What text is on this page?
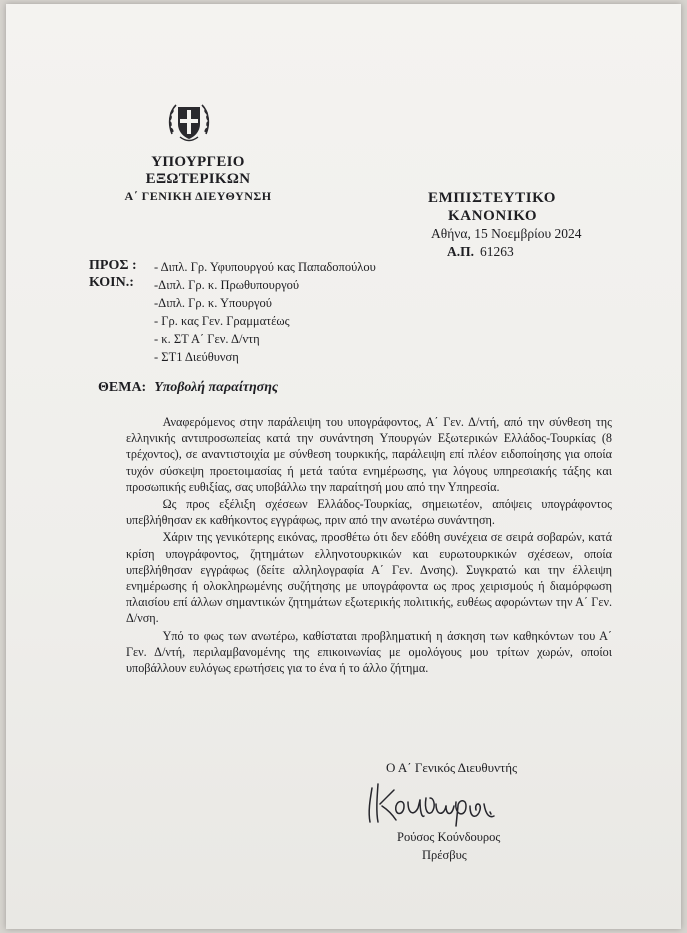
ΥΠΟΥΡΓΕΙΟ ΕΞΩΤΕΡΙΚΩΝ
Α΄ ΓΕΝΙΚΗ ΔΙΕΥΘΥΝΣΗ	ΕΜΠΙΣΤΕΥΤΙΚΟ
ΚΑΝΟΝΙΚΟ
Αθήνα, 15 Νοεμβρίου 2024
Α.Π. 61263
ΠΡΟΣ : - Διπλ. Γρ. Υφυπουργού κας Παπαδοπούλου
ΚΟΙΝ.: -Διπλ. Γρ. κ. Πρωθυπουργού
-Διπλ. Γρ. κ. Υπουργού
- Γρ. κας Γεν. Γραμματέως
- κ. ΣΤ Α΄ Γεν. Δ/ντη
- ΣΤ1 Διεύθυνση
ΘΕΜΑ: Υποβολή παραίτησης

Αναφερόμενος στην παράλειψη του υπογράφοντος, Α΄ Γεν. Δ/ντή, από την σύνθεση της ελληνικής αντιπροσωπείας κατά την συνάντηση Υπουργών Εξωτερικών Ελλάδος-Τουρκίας (8 τρέχοντος), σε αναντιστοιχία με σύνθεση τουρκικής, παράλειψη επί πλέον ειδοποίησης για οποία τυχόν σύσκεψη προετοιμασίας ή μετά ταύτα ενημέρωσης, για λόγους υπηρεσιακής τάξης και προσωπικής ευθιξίας, σας υποβάλλω την παραίτησή μου από την Υπηρεσία.

Ως προς εξέλιξη σχέσεων Ελλάδος-Τουρκίας, σημειωτέον, απόψεις υπογράφοντος υπεβλήθησαν εκ καθήκοντος εγγράφως, πριν από την ανωτέρω συνάντηση.

Χάριν της γενικότερης εικόνας, προσθέτω ότι δεν εδόθη συνέχεια σε σειρά σοβαρών, κατά κρίση υπογράφοντος, ζητημάτων ελληνοτουρκικών και ευρωτουρκικών σχέσεων, οποία υπεβλήθησαν εγγράφως (δείτε αλληλογραφία Α΄ Γεν. Δνσης). Συγκρατώ και την έλλειψη ενημέρωσης ή ολοκληρωμένης συζήτησης με υπογράφοντα ως προς χειρισμούς ή διαμόρφωση πλαισίου επί άλλων σημαντικών ζητημάτων εξωτερικής πολιτικής, ευθέως αφορώντων την Α΄ Γεν. Δ/νση.

Υπό το φως των ανωτέρω, καθίσταται προβληματική η άσκηση των καθηκόντων του Α΄ Γεν. Δ/ντή, περιλαμβανομένης της επικοινωνίας με ομολόγους μου τρίτων χωρών, οποίοι υποβάλλουν ευλόγως ερωτήσεις για το ένα ή το άλλο ζήτημα.

Ο Α΄ Γενικός Διευθυντής
Ρούσος Κούνδουρος
Πρέσβυς
